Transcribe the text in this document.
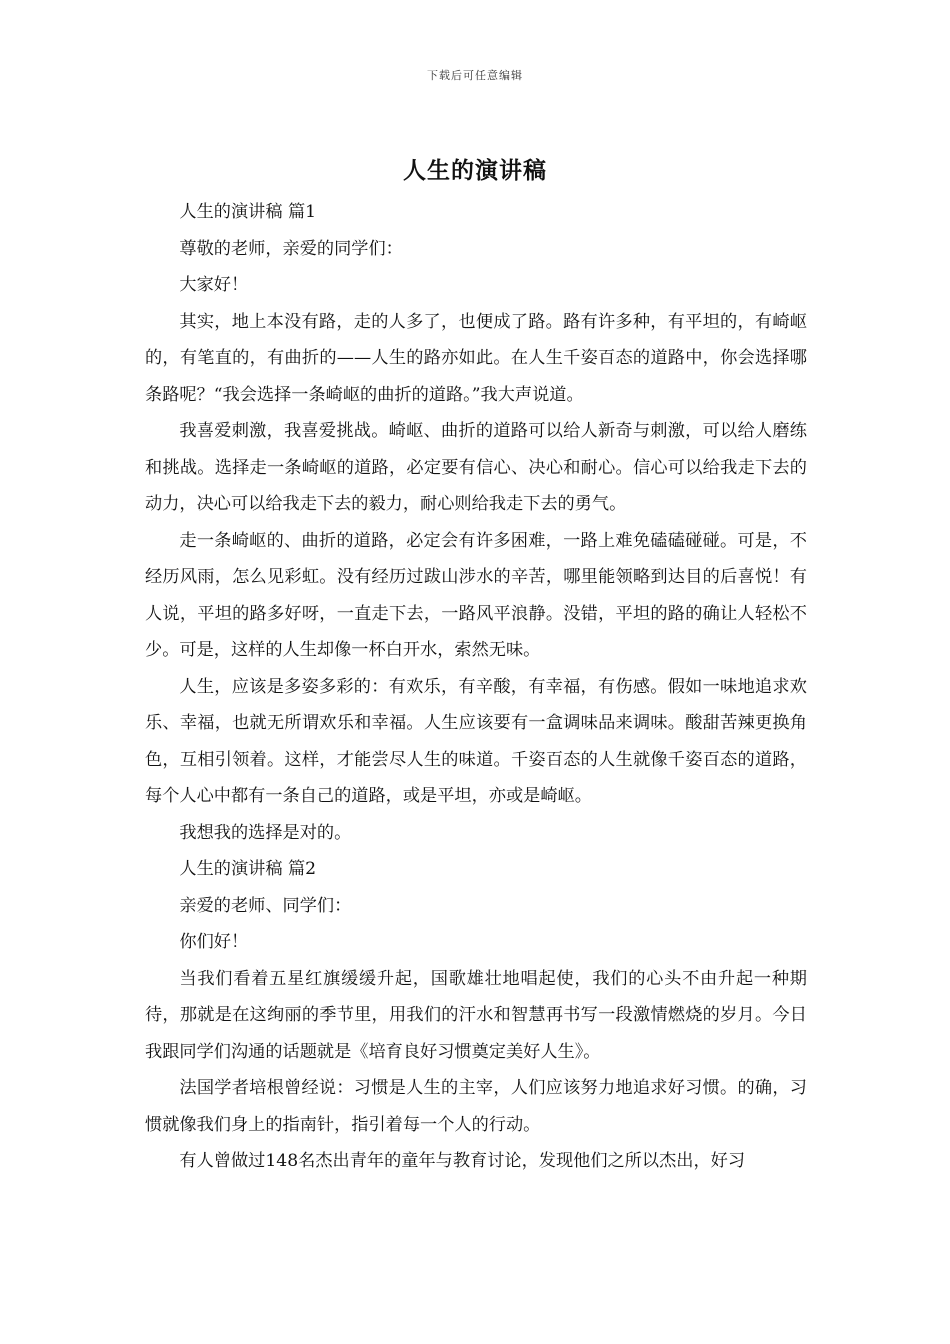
下载后可任意编辑
人生的演讲稿

人生的演讲稿 篇1

尊敬的老师，亲爱的同学们：

大家好！

其实，地上本没有路，走的人多了，也便成了路。路有许多种，有平坦的，有崎岖的，有笔直的，有曲折的——人生的路亦如此。在人生千姿百态的道路中，你会选择哪条路呢？“我会选择一条崎岖的曲折的道路。”我大声说道。

我喜爱刺激，我喜爱挑战。崎岖、曲折的道路可以给人新奇与刺激，可以给人磨练和挑战。选择走一条崎岖的道路，必定要有信心、决心和耐心。信心可以给我走下去的动力，决心可以给我走下去的毅力，耐心则给我走下去的勇气。

走一条崎岖的、曲折的道路，必定会有许多困难，一路上难免磕磕碰碰。可是，不经历风雨，怎么见彩虹。没有经历过跋山涉水的辛苦，哪里能领略到达目的后喜悦！有人说，平坦的路多好呀，一直走下去，一路风平浪静。没错，平坦的路的确让人轻松不少。可是，这样的人生却像一杯白开水，索然无味。

人生，应该是多姿多彩的：有欢乐，有辛酸，有幸福，有伤感。假如一味地追求欢乐、幸福，也就无所谓欢乐和幸福。人生应该要有一盒调味品来调味。酸甜苦辣更换角色，互相引领着。这样，才能尝尽人生的味道。千姿百态的人生就像千姿百态的道路，每个人心中都有一条自己的道路，或是平坦，亦或是崎岖。

我想我的选择是对的。

人生的演讲稿 篇2

亲爱的老师、同学们：

你们好！

当我们看着五星红旗缓缓升起，国歌雄壮地唱起使，我们的心头不由升起一种期待，那就是在这绚丽的季节里，用我们的汗水和智慧再书写一段激情燃烧的岁月。今日我跟同学们沟通的话题就是《培育良好习惯奠定美好人生》。

法国学者培根曾经说：习惯是人生的主宰，人们应该努力地追求好习惯。的确，习惯就像我们身上的指南针，指引着每一个人的行动。

有人曾做过148名杰出青年的童年与教育讨论，发现他们之所以杰出，好习
